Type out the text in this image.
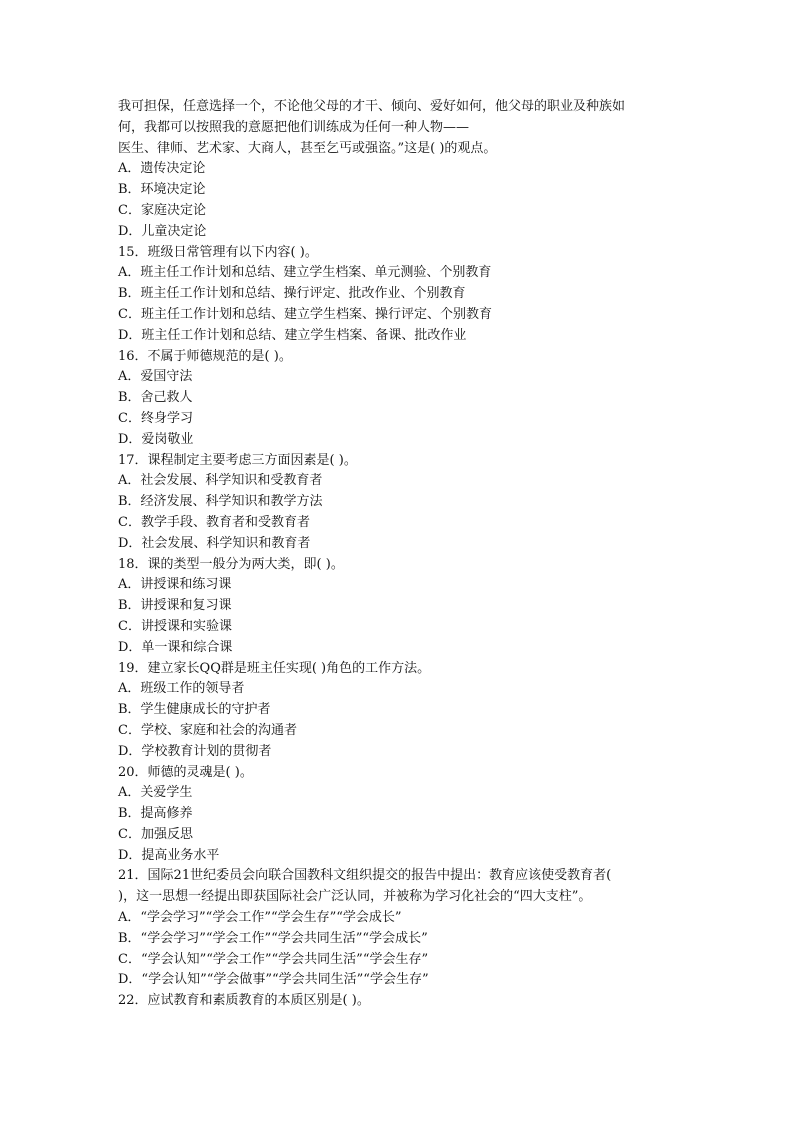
我可担保，任意选择一个，不论他父母的才干、倾向、爱好如何，他父母的职业及种族如
何，我都可以按照我的意愿把他们训练成为任何一种人物——
医生、律师、艺术家、大商人，甚至乞丐或强盗。”这是( )的观点。
A．遗传决定论
B．环境决定论
C．家庭决定论
D．儿童决定论
15．班级日常管理有以下内容( )。
A．班主任工作计划和总结、建立学生档案、单元测验、个别教育
B．班主任工作计划和总结、操行评定、批改作业、个别教育
C．班主任工作计划和总结、建立学生档案、操行评定、个别教育
D．班主任工作计划和总结、建立学生档案、备课、批改作业
16．不属于师德规范的是( )。
A．爱国守法
B．舍己救人
C．终身学习
D．爱岗敬业
17．课程制定主要考虑三方面因素是( )。
A．社会发展、科学知识和受教育者
B．经济发展、科学知识和教学方法
C．教学手段、教育者和受教育者
D．社会发展、科学知识和教育者
18．课的类型一般分为两大类，即( )。
A．讲授课和练习课
B．讲授课和复习课
C．讲授课和实验课
D．单一课和综合课
19．建立家长QQ群是班主任实现( )角色的工作方法。
A．班级工作的领导者
B．学生健康成长的守护者
C．学校、家庭和社会的沟通者
D．学校教育计划的贯彻者
20．师德的灵魂是( )。
A．关爱学生
B．提高修养
C．加强反思
D．提高业务水平
21．国际21世纪委员会向联合国教科文组织提交的报告中提出：教育应该使受教育者(
)，这一思想一经提出即获国际社会广泛认同，并被称为学习化社会的“四大支柱”。
A．“学会学习”“学会工作”“学会生存”“学会成长”
B．“学会学习”“学会工作”“学会共同生活”“学会成长”
C．“学会认知”“学会工作”“学会共同生活”“学会生存”
D．“学会认知”“学会做事”“学会共同生活”“学会生存”
22．应试教育和素质教育的本质区别是( )。
